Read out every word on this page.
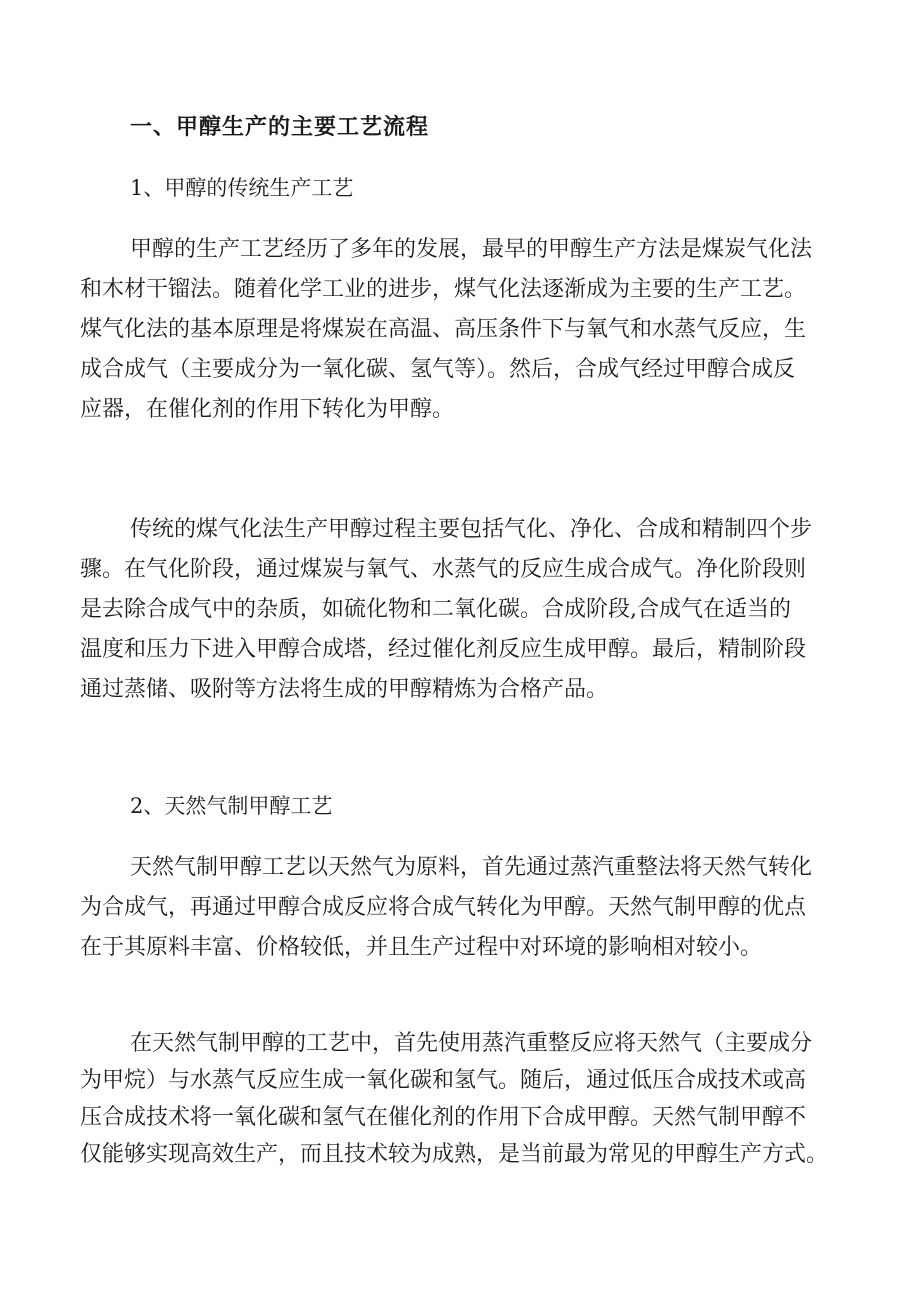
一、甲醇生产的主要工艺流程
1、甲醇的传统生产工艺
甲醇的生产工艺经历了多年的发展，最早的甲醇生产方法是煤炭气化法
和木材干镏法。随着化学工业的进步，煤气化法逐渐成为主要的生产工艺。
煤气化法的基本原理是将煤炭在高温、高压条件下与氧气和水蒸气反应，生
成合成气（主要成分为一氧化碳、氢气等）。然后，合成气经过甲醇合成反
应器，在催化剂的作用下转化为甲醇。
传统的煤气化法生产甲醇过程主要包括气化、净化、合成和精制四个步
骤。在气化阶段，通过煤炭与氧气、水蒸气的反应生成合成气。净化阶段则
是去除合成气中的杂质，如硫化物和二氧化碳。合成阶段,合成气在适当的
温度和压力下进入甲醇合成塔，经过催化剂反应生成甲醇。最后，精制阶段
通过蒸储、吸附等方法将生成的甲醇精炼为合格产品。
2、天然气制甲醇工艺
天然气制甲醇工艺以天然气为原料，首先通过蒸汽重整法将天然气转化
为合成气，再通过甲醇合成反应将合成气转化为甲醇。天然气制甲醇的优点
在于其原料丰富、价格较低，并且生产过程中对环境的影响相对较小。
在天然气制甲醇的工艺中，首先使用蒸汽重整反应将天然气（主要成分
为甲烷）与水蒸气反应生成一氧化碳和氢气。随后，通过低压合成技术或高
压合成技术将一氧化碳和氢气在催化剂的作用下合成甲醇。天然气制甲醇不
仅能够实现高效生产，而且技术较为成熟，是当前最为常见的甲醇生产方式。
